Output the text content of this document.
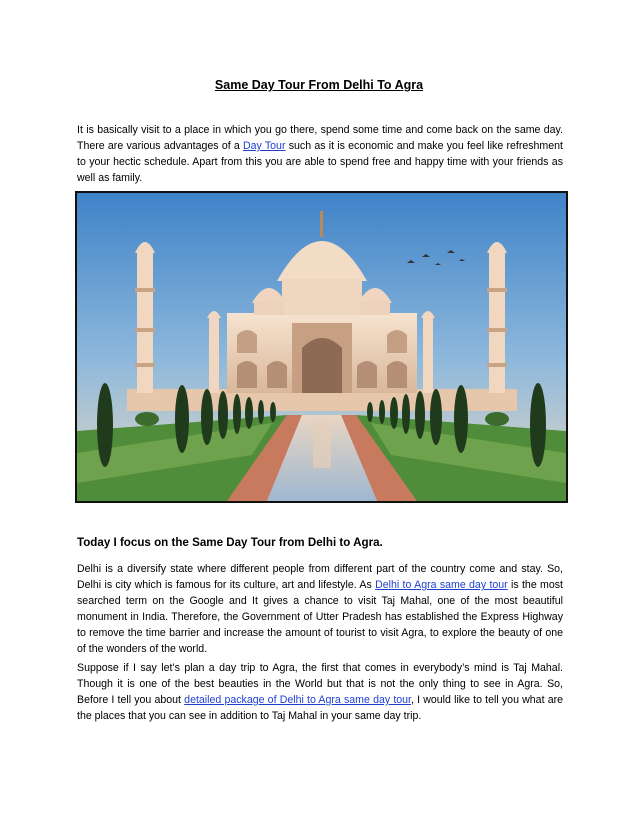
Same Day Tour From Delhi To Agra

It is basically visit to a place in which you go there, spend some time and come back on the same day. There are various advantages of a Day Tour such as it is economic and make you feel like refreshment to your hectic schedule. Apart from this you are able to spend free and happy time with your friends as well as family.

Today I focus on the Same Day Tour from Delhi to Agra.

Delhi is a diversify state where different people from different part of the country come and stay. So, Delhi is city which is famous for its culture, art and lifestyle. As Delhi to Agra same day tour is the most searched term on the Google and It gives a chance to visit Taj Mahal, one of the most beautiful monument in India. Therefore, the Government of Utter Pradesh has established the Express Highway to remove the time barrier and increase the amount of tourist to visit Agra, to explore the beauty of one of the wonders of the world.

Suppose if I say let’s plan a day trip to Agra, the first that comes in everybody’s mind is Taj Mahal. Though it is one of the best beauties in the World but that is not the only thing to see in Agra. So, Before I tell you about detailed package of Delhi to Agra same day tour, I would like to tell you what are the places that you can see in addition to Taj Mahal in your same day trip.
